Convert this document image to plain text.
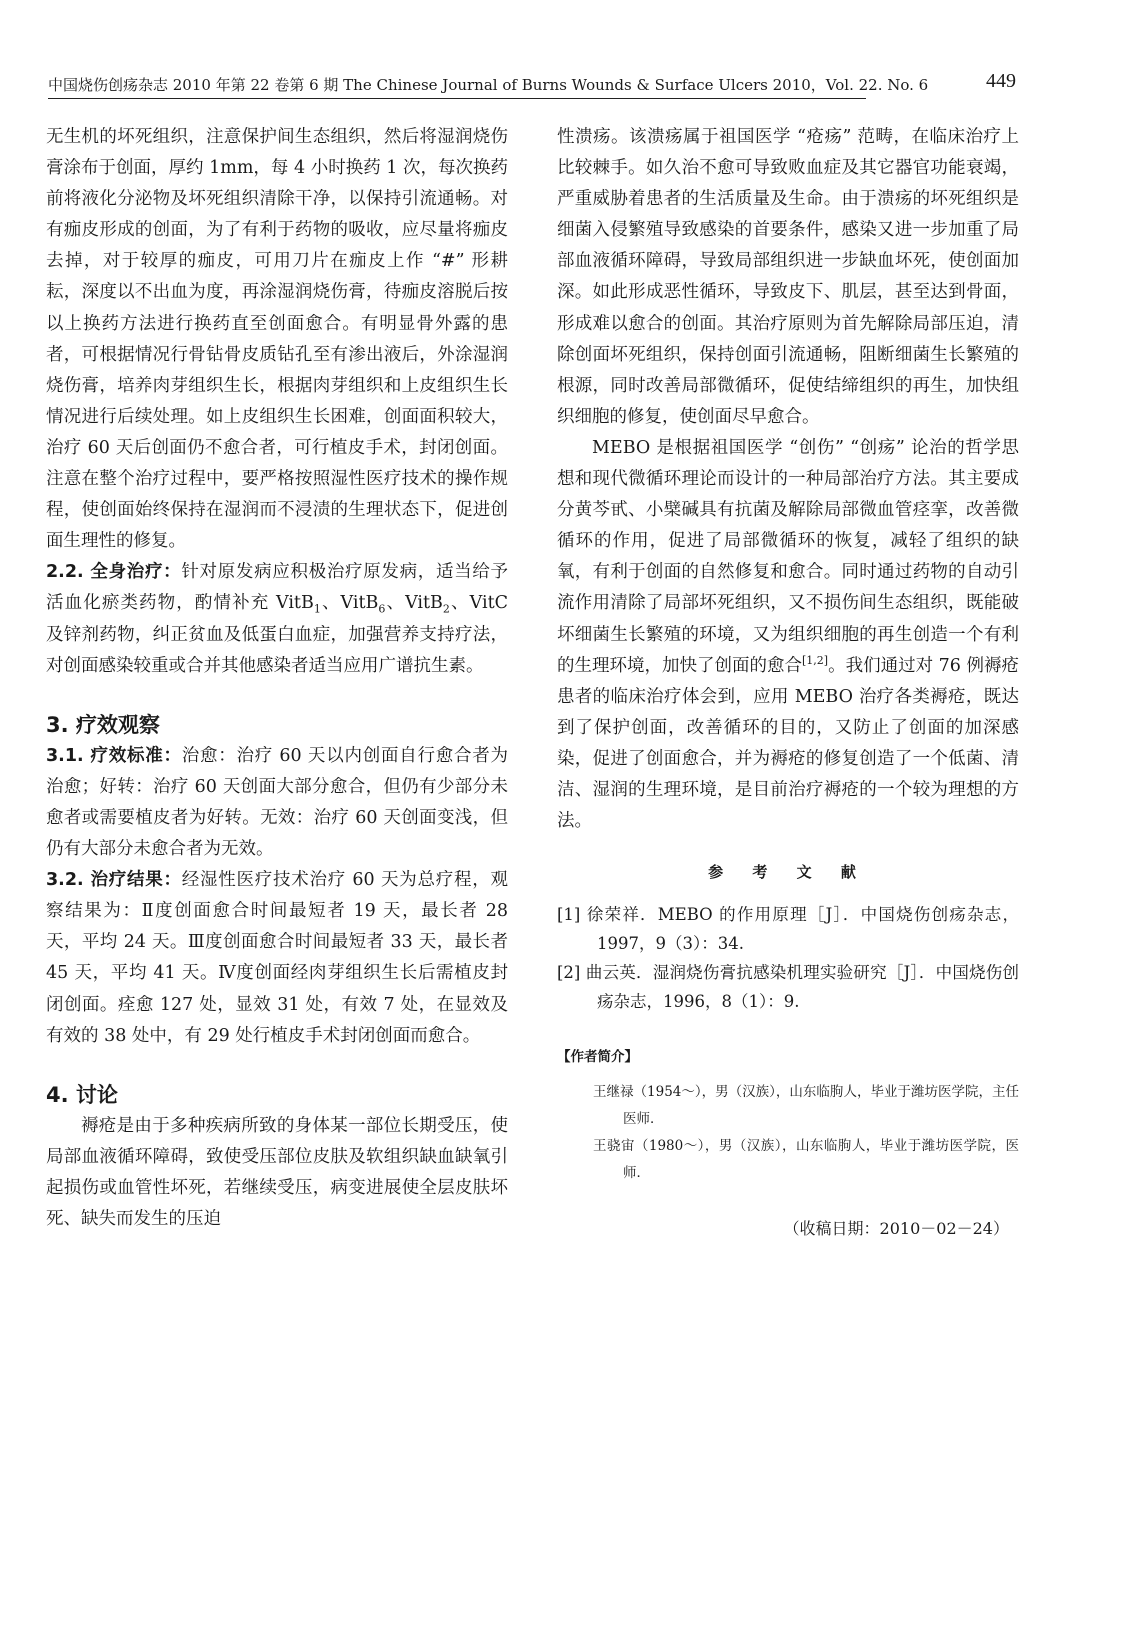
中国烧伤创疡杂志 2010 年第 22 卷第 6 期 The Chinese Journal of Burns Wounds & Surface Ulcers 2010，Vol. 22. No. 6	449

无生机的坏死组织，注意保护间生态组织，然后将湿润烧伤膏涂布于创面，厚约 1mm，每 4 小时换药 1 次，每次换药前将液化分泌物及坏死组织清除干净，以保持引流通畅。对有痂皮形成的创面，为了有利于药物的吸收，应尽量将痂皮去掉，对于较厚的痂皮，可用刀片在痂皮上作 “#” 形耕耘，深度以不出血为度，再涂湿润烧伤膏，待痂皮溶脱后按以上换药方法进行换药直至创面愈合。有明显骨外露的患者，可根据情况行骨钻骨皮质钻孔至有渗出液后，外涂湿润烧伤膏，培养肉芽组织生长，根据肉芽组织和上皮组织生长情况进行后续处理。如上皮组织生长困难，创面面积较大，治疗 60 天后创面仍不愈合者，可行植皮手术，封闭创面。注意在整个治疗过程中，要严格按照湿性医疗技术的操作规程，使创面始终保持在湿润而不浸渍的生理状态下，促进创面生理性的修复。

2.2. 全身治疗：针对原发病应积极治疗原发病，适当给予活血化瘀类药物，酌情补充 VitB$_1$、VitB$_6$、VitB$_2$、VitC 及锌剂药物，纠正贫血及低蛋白血症，加强营养支持疗法，对创面感染较重或合并其他感染者适当应用广谱抗生素。

3. 疗效观察

3.1. 疗效标准：治愈：治疗 60 天以内创面自行愈合者为治愈；好转：治疗 60 天创面大部分愈合，但仍有少部分未愈者或需要植皮者为好转。无效：治疗 60 天创面变浅，但仍有大部分未愈合者为无效。

3.2. 治疗结果：经湿性医疗技术治疗 60 天为总疗程，观察结果为：Ⅱ度创面愈合时间最短者 19 天，最长者 28 天，平均 24 天。Ⅲ度创面愈合时间最短者 33 天，最长者 45 天，平均 41 天。Ⅳ度创面经肉芽组织生长后需植皮封闭创面。痊愈 127 处，显效 31 处，有效 7 处，在显效及有效的 38 处中，有 29 处行植皮手术封闭创面而愈合。

4. 讨论

褥疮是由于多种疾病所致的身体某一部位长期受压，使局部血液循环障碍，致使受压部位皮肤及软组织缺血缺氧引起损伤或血管性坏死，若继续受压，病变进展使全层皮肤坏死、缺失而发生的压迫

性溃疡。该溃疡属于祖国医学 “疮疡” 范畴，在临床治疗上比较棘手。如久治不愈可导致败血症及其它器官功能衰竭，严重威胁着患者的生活质量及生命。由于溃疡的坏死组织是细菌入侵繁殖导致感染的首要条件，感染又进一步加重了局部血液循环障碍，导致局部组织进一步缺血坏死，使创面加深。如此形成恶性循环，导致皮下、肌层，甚至达到骨面，形成难以愈合的创面。其治疗原则为首先解除局部压迫，清除创面坏死组织，保持创面引流通畅，阻断细菌生长繁殖的根源，同时改善局部微循环，促使结缔组织的再生，加快组织细胞的修复，使创面尽早愈合。

MEBO 是根据祖国医学 “创伤” “创疡” 论治的哲学思想和现代微循环理论而设计的一种局部治疗方法。其主要成分黄芩甙、小檗碱具有抗菌及解除局部微血管痉挛，改善微循环的作用，促进了局部微循环的恢复，减轻了组织的缺氧，有利于创面的自然修复和愈合。同时通过药物的自动引流作用清除了局部坏死组织，又不损伤间生态组织，既能破坏细菌生长繁殖的环境，又为组织细胞的再生创造一个有利的生理环境，加快了创面的愈合[1,2]。我们通过对 76 例褥疮患者的临床治疗体会到，应用 MEBO 治疗各类褥疮，既达到了保护创面，改善循环的目的，又防止了创面的加深感染，促进了创面愈合，并为褥疮的修复创造了一个低菌、清洁、湿润的生理环境，是目前治疗褥疮的一个较为理想的方法。

参 考 文 献

[1] 徐荣祥．MEBO 的作用原理［J］．中国烧伤创疡杂志，1997，9（3）：34.

[2] 曲云英．湿润烧伤膏抗感染机理实验研究［J］．中国烧伤创疡杂志，1996，8（1）：9.

【作者简介】

王继禄（1954～），男（汉族），山东临朐人，毕业于潍坊医学院，主任医师．

王骁宙（1980～），男（汉族），山东临朐人，毕业于潍坊医学院，医师．

（收稿日期：2010－02－24）
